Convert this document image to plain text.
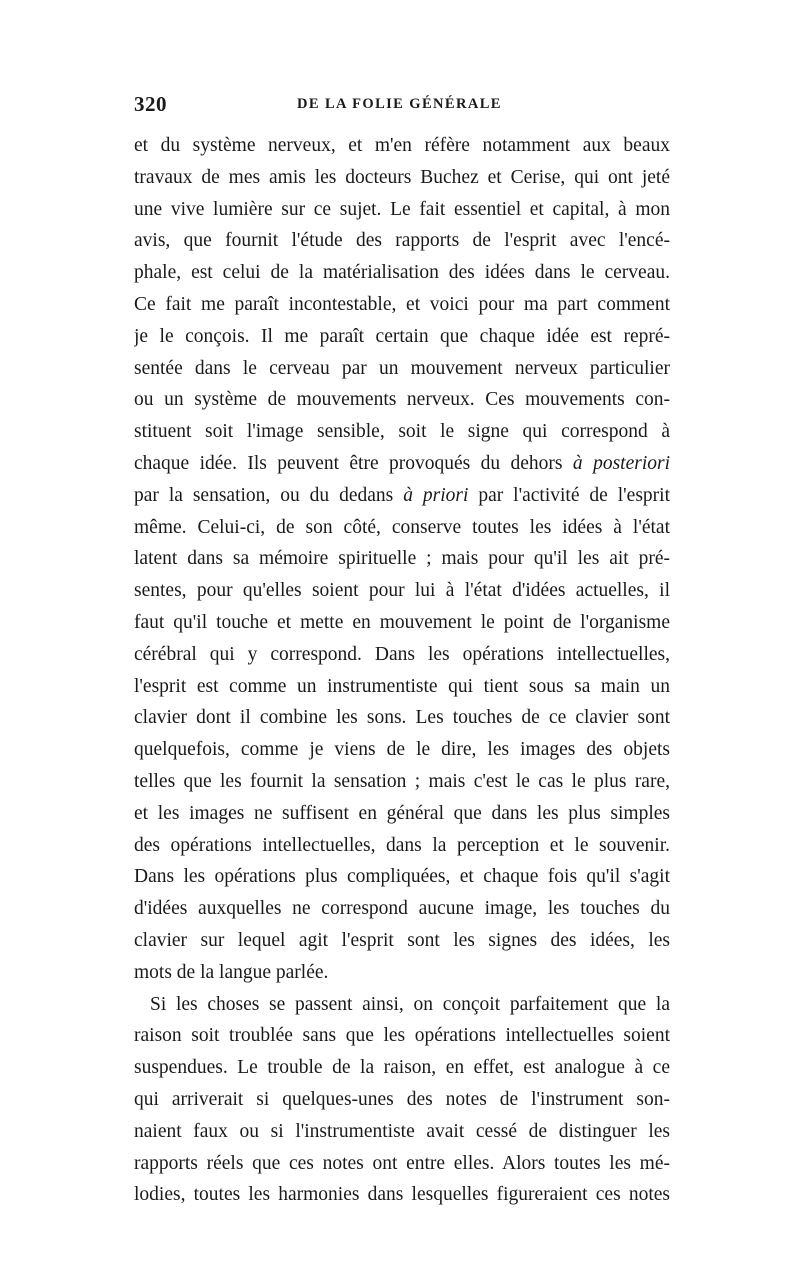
320	DE LA FOLIE GÉNÉRALE
et du système nerveux, et m'en réfère notamment aux beaux
travaux de mes amis les docteurs Buchez et Cerise, qui ont jeté
une vive lumière sur ce sujet. Le fait essentiel et capital, à mon
avis, que fournit l'étude des rapports de l'esprit avec l'encé-
phale, est celui de la matérialisation des idées dans le cerveau.
Ce fait me paraît incontestable, et voici pour ma part comment
je le conçois. Il me paraît certain que chaque idée est repré-
sentée dans le cerveau par un mouvement nerveux particulier
ou un système de mouvements nerveux. Ces mouvements con-
stituent soit l'image sensible, soit le signe qui correspond à
chaque idée. Ils peuvent être provoqués du dehors à posteriori
par la sensation, ou du dedans à priori par l'activité de l'esprit
même. Celui-ci, de son côté, conserve toutes les idées à l'état
latent dans sa mémoire spirituelle ; mais pour qu'il les ait pré-
sentes, pour qu'elles soient pour lui à l'état d'idées actuelles, il
faut qu'il touche et mette en mouvement le point de l'organisme
cérébral qui y correspond. Dans les opérations intellectuelles,
l'esprit est comme un instrumentiste qui tient sous sa main un
clavier dont il combine les sons. Les touches de ce clavier sont
quelquefois, comme je viens de le dire, les images des objets
telles que les fournit la sensation ; mais c'est le cas le plus rare,
et les images ne suffisent en général que dans les plus simples
des opérations intellectuelles, dans la perception et le souvenir.
Dans les opérations plus compliquées, et chaque fois qu'il s'agit
d'idées auxquelles ne correspond aucune image, les touches du
clavier sur lequel agit l'esprit sont les signes des idées, les
mots de la langue parlée.
Si les choses se passent ainsi, on conçoit parfaitement que la
raison soit troublée sans que les opérations intellectuelles soient
suspendues. Le trouble de la raison, en effet, est analogue à ce
qui arriverait si quelques-unes des notes de l'instrument son-
naient faux ou si l'instrumentiste avait cessé de distinguer les
rapports réels que ces notes ont entre elles. Alors toutes les mé-
lodies, toutes les harmonies dans lesquelles figureraient ces notes
